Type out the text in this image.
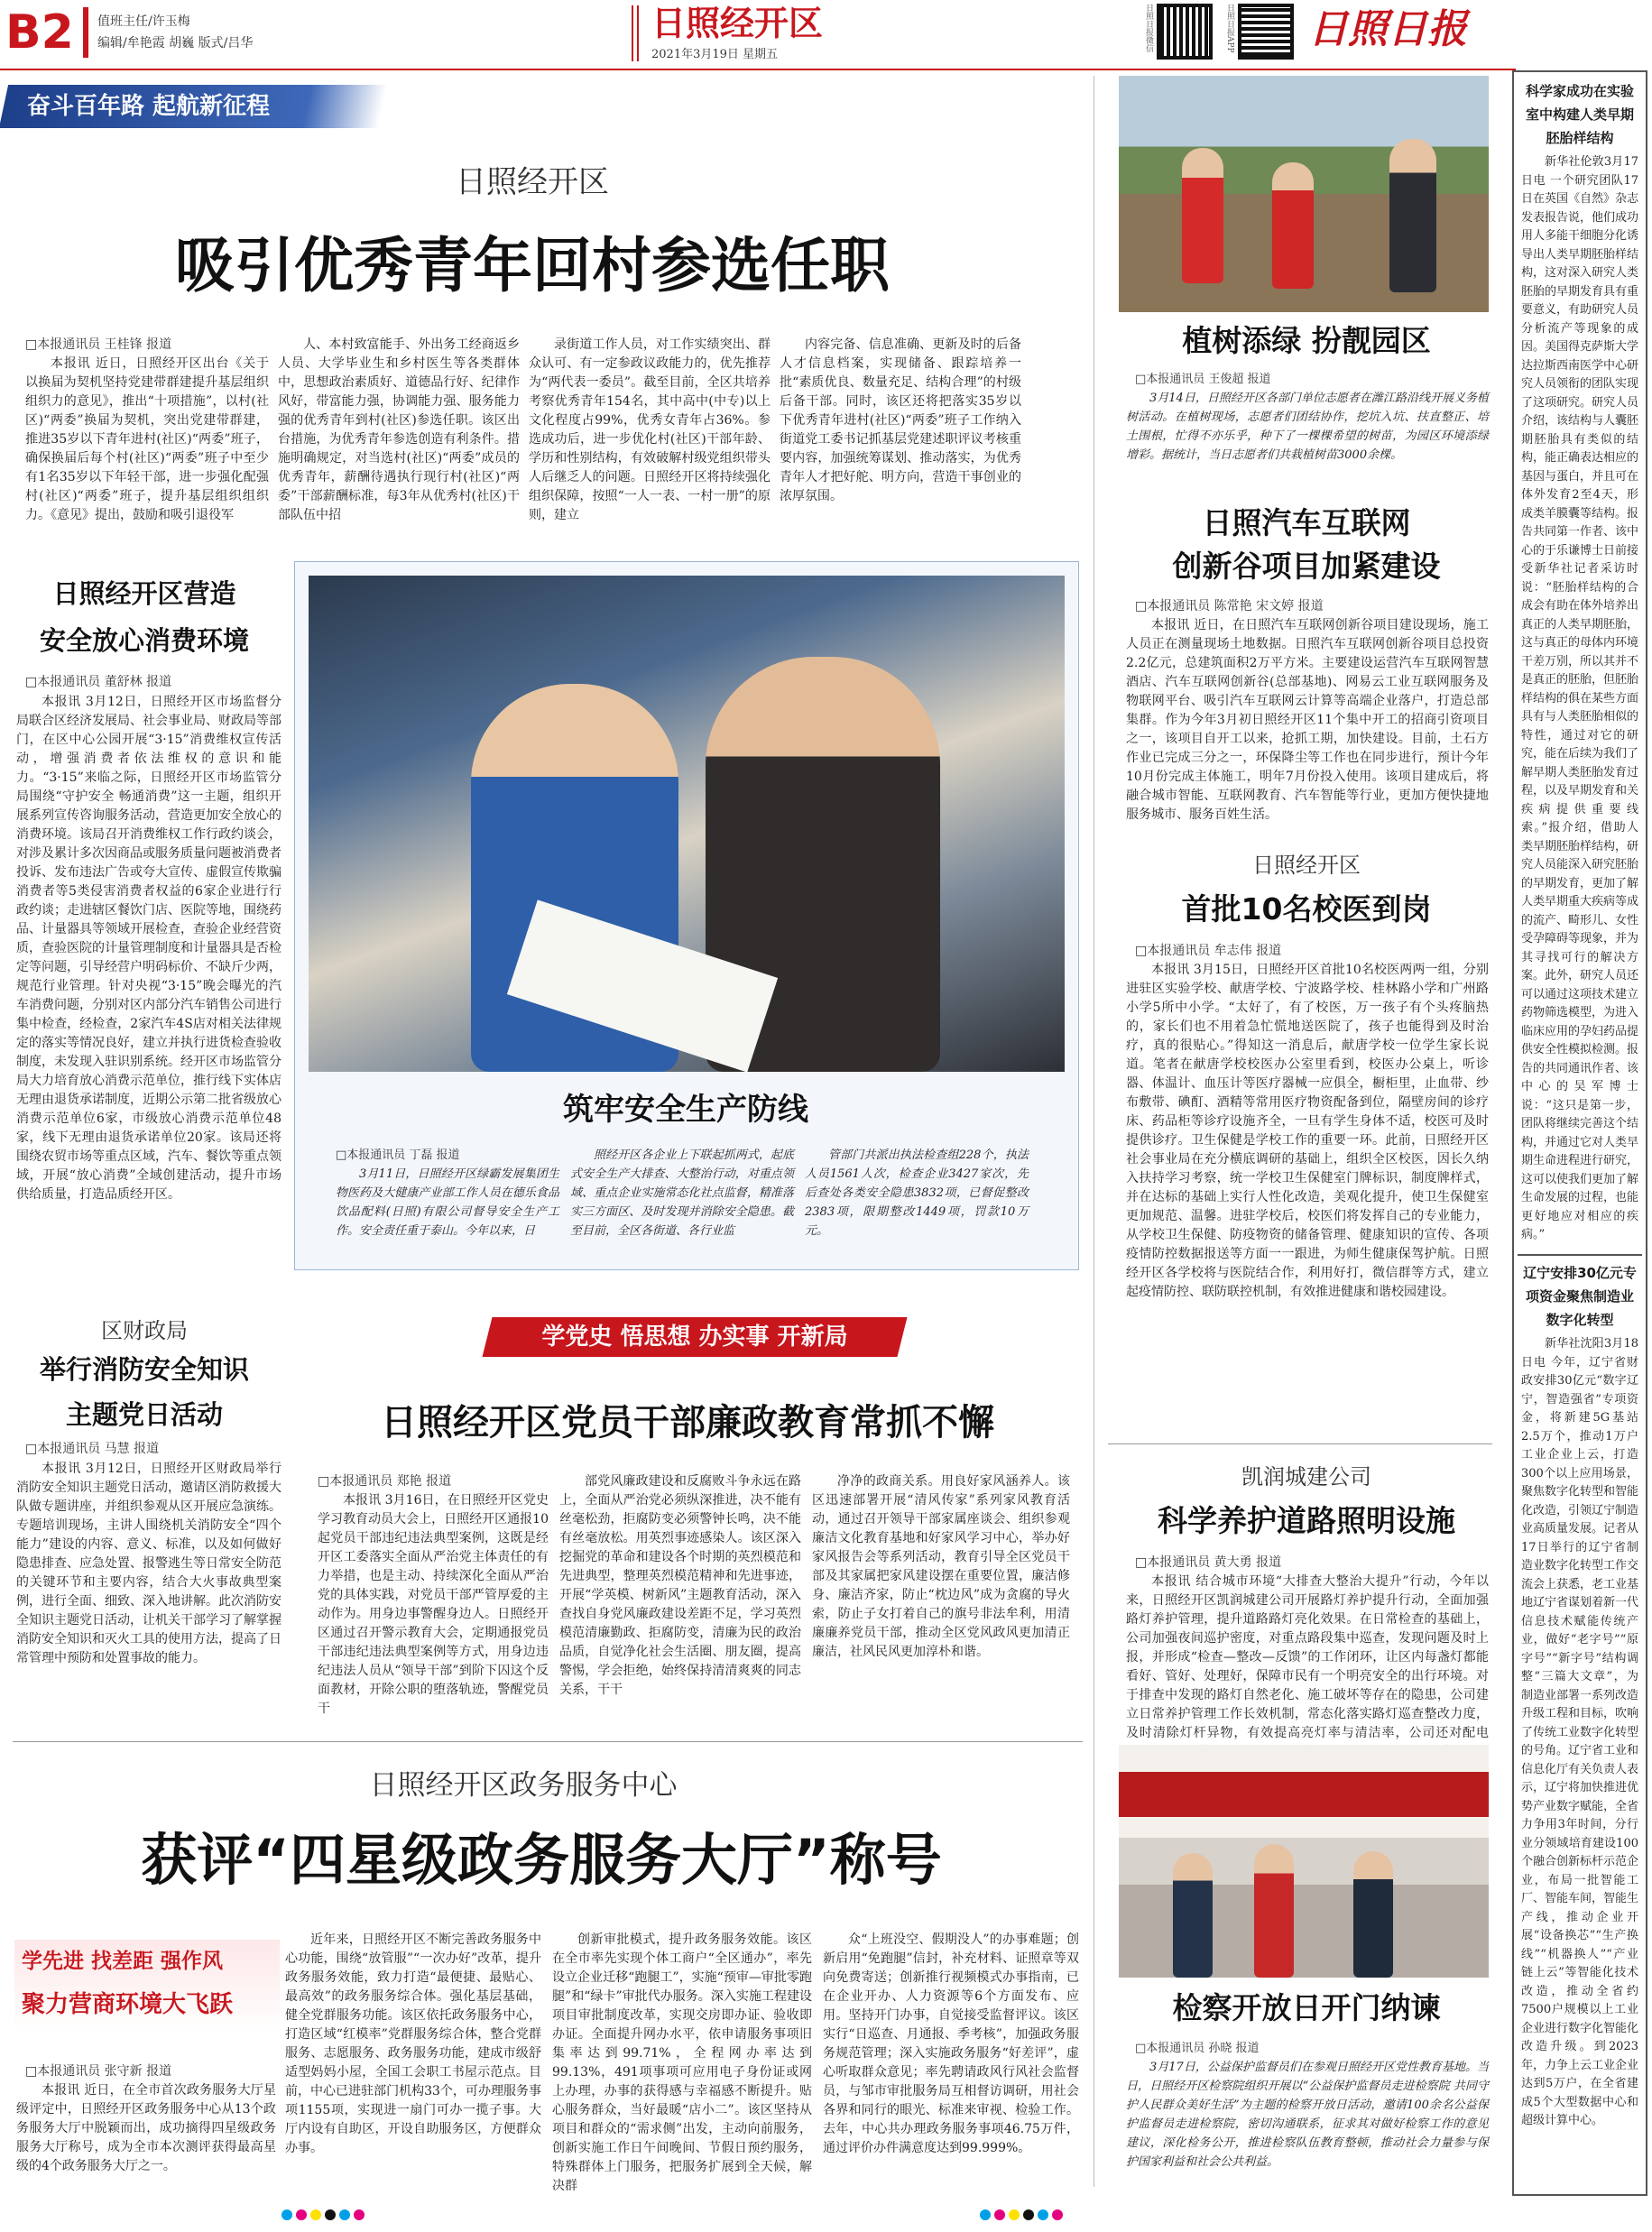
B2	值班主任/许玉梅
编辑/牟艳霞 胡巍 版式/吕华	日照经开区
2021年3月19日 星期五
日照日报微信	日照日报APP 日照日报
奋斗百年路 起航新征程
日照经开区
吸引优秀青年回村参选任职
□本报通讯员 王桂锋 报道
本报讯 近日，日照经开区出台《关于以换届为契机坚持党建带群建提升基层组织组织力的意见》，推出“十项措施”，以村(社区)“两委”换届为契机，突出党建带群建，推进35岁以下青年进村(社区)“两委”班子，确保换届后每个村(社区)“两委”班子中至少有1名35岁以下年轻干部，进一步强化配强村(社区)“两委”班子，提升基层组织组织力。《意见》提出，鼓励和吸引退役军
人、本村致富能手、外出务工经商返乡人员、大学毕业生和乡村医生等各类群体中，思想政治素质好、道德品行好、纪律作风好，带富能力强，协调能力强、服务能力强的优秀青年到村(社区)参选任职。该区出台措施，为优秀青年参选创造有利条件。措施明确规定，对当选村(社区)“两委”成员的优秀青年，薪酬待遇执行现行村(社区)“两委”干部薪酬标准，每3年从优秀村(社区)干部队伍中招
录街道工作人员，对工作实绩突出、群众认可、有一定参政议政能力的，优先推荐为“两代表一委员”。截至目前，全区共培养考察优秀青年154名，其中高中(中专)以上文化程度占99%，优秀女青年占36%。参选成功后，进一步优化村(社区)干部年龄、学历和性别结构，有效破解村级党组织带头人后继乏人的问题。日照经开区将持续强化组织保障，按照“一人一表、一村一册”的原则，建立
内容完备、信息准确、更新及时的后备人才信息档案，实现储备、跟踪培养一批“素质优良、数量充足、结构合理”的村级后备干部。同时，该区还将把落实35岁以下优秀青年进村(社区)“两委”班子工作纳入街道党工委书记抓基层党建述职评议考核重要内容，加强统筹谋划、推动落实，为优秀青年人才把好舵、明方向，营造干事创业的浓厚氛围。
日照经开区营造
安全放心消费环境
□本报通讯员 董舒林 报道
本报讯 3月12日，日照经开区市场监督分局联合区经济发展局、社会事业局、财政局等部门，在区中心公园开展“3·15”消费维权宣传活动，增强消费者依法维权的意识和能力。“3·15”来临之际，日照经开区市场监管分局围绕“守护安全 畅通消费”这一主题，组织开展系列宣传咨询服务活动，营造更加安全放心的消费环境。该局召开消费维权工作行政约谈会，对涉及累计多次因商品或服务质量问题被消费者投诉、发布违法广告或夸大宣传、虚假宣传欺骗消费者等5类侵害消费者权益的6家企业进行行政约谈；走进辖区餐饮门店、医院等地，围绕药品、计量器具等领域开展检查，查验企业经营资质，查验医院的计量管理制度和计量器具是否检定等问题，引导经营户明码标价、不缺斤少两，规范行业管理。针对央视“3·15”晚会曝光的汽车消费问题，分别对区内部分汽车销售公司进行集中检查，经检查，2家汽车4S店对相关法律规定的落实等情况良好，建立并执行进货检查验收制度，未发现入驻识别系统。经开区市场监管分局大力培育放心消费示范单位，推行线下实体店无理由退货承诺制度，近期公示第二批省级放心消费示范单位6家，市级放心消费示范单位48家，线下无理由退货承诺单位20家。该局还将围绕农贸市场等重点区域，汽车、餐饮等重点领域，开展“放心消费”全域创建活动，提升市场供给质量，打造品质经开区。
区财政局
举行消防安全知识
主题党日活动
□本报通讯员 马慧 报道
本报讯 3月12日，日照经开区财政局举行消防安全知识主题党日活动，邀请区消防救援大队做专题讲座，并组织参观从区开展应急演练。专题培训现场，主讲人围绕机关消防安全“四个能力”建设的内容、意义、标准，以及如何做好隐患排查、应急处置、报警逃生等日常安全防范的关键环节和主要内容，结合大火事故典型案例，进行全面、细致、深入地讲解。此次消防安全知识主题党日活动，让机关干部学习了解掌握消防安全知识和灭火工具的使用方法，提高了日常管理中预防和处置事故的能力。
筑牢安全生产防线
□本报通讯员 丁磊 报道
3月11日，日照经开区绿霸发展集团生物医药及大健康产业部工作人员在德乐食品饮品配料(日照)有限公司督导安全生产工作。安全责任重于泰山。今年以来，日
照经开区各企业上下联起抓两式，起底式安全生产大排查、大整治行动，对重点领域、重点企业实施常态化社点监督，精准落实三方面区、及时发现并消除安全隐患。截至目前，全区各街道、各行业监
管部门共派出执法检查组228个，执法人员1561人次，检查企业3427家次，先后查处各类安全隐患3832项，已督促整改2383项，限期整改1449项，罚款10万元。
学党史 悟思想 办实事 开新局
日照经开区党员干部廉政教育常抓不懈
□本报通讯员 郑艳 报道
本报讯 3月16日，在日照经开区党史学习教育动员大会上，日照经开区通报10起党员干部违纪违法典型案例，这既是经开区工委落实全面从严治党主体责任的有力举措，也是主动、持续深化全面从严治党的具体实践，对党员干部严管厚爱的主动作为。用身边事警醒身边人。日照经开区通过召开警示教育大会，定期通报党员干部违纪违法典型案例等方式，用身边违纪违法人员从“领导干部”到阶下囚这个反面教材，开除公职的堕落轨迹，警醒党员干
部党风廉政建设和反腐败斗争永远在路上，全面从严治党必须纵深推进，决不能有丝毫松劲，拒腐防变必须警钟长鸣，决不能有丝毫放松。用英烈事迹感染人。该区深入挖掘党的革命和建设各个时期的英烈模范和先进典型，整理英烈模范精神和先进事迹，开展“学英模、树新风”主题教育活动，深入查找自身党风廉政建设差距不足，学习英烈模范清廉勤政、拒腐防变，清廉为民的政治品质，自觉净化社会生活圈、朋友圈，提高警惕，学会拒绝，始终保持清清爽爽的同志关系，干干
净净的政商关系。用良好家风涵养人。该区迅速部署开展“清风传家”系列家风教育活动，通过召开领导干部家属座谈会、组织参观廉洁文化教育基地和好家风学习中心，举办好家风报告会等系列活动，教育引导全区党员干部及其家属把家风建设摆在重要位置，廉洁修身、廉洁齐家，防止“枕边风”成为贪腐的导火索，防止子女打着自己的旗号非法牟利，用清廉廉养党员干部，推动全区党风政风更加清正廉洁，社风民风更加淳朴和谐。
日照经开区政务服务中心
获评“四星级政务服务大厅”称号
学先进 找差距 强作风
聚力营商环境大飞跃
□本报通讯员 张守新 报道
本报讯 近日，在全市首次政务服务大厅星级评定中，日照经开区政务服务中心从13个政务服务大厅中脱颖而出，成功摘得四星级政务服务大厅称号，成为全市本次测评获得最高星级的4个政务服务大厅之一。
近年来，日照经开区不断完善政务服务中心功能，围绕“放管服”“一次办好”改革，提升政务服务效能，致力打造“最便捷、最贴心、最高效”的政务服务综合体。强化基层基础，健全党群服务功能。该区依托政务服务中心，打造区域“红模率”党群服务综合体，整合党群服务、志愿服务、政务服务功能，建成市级舒适型妈妈小屋，全国工会职工书屋示范点。目前，中心已进驻部门机构33个，可办理服务事项1155项，实现进一扇门可办一揽子事。大厅内设有自助区，开设自助服务区，方便群众办事。
创新审批模式，提升政务服务效能。该区在全市率先实现个体工商户“全区通办”，率先设立企业迁移“跑腿工”，实施“预审—审批零跑腿”和“绿卡”审批代办服务。深入实施工程建设项目审批制度改革，实现交房即办证、验收即办证。全面提升网办水平，依申请服务事项旧集率达到99.71%，全程网办率达到99.13%，491项事项可应用电子身份证或网上办理，办事的获得感与幸福感不断提升。贴心服务群众，当好最暖“店小二”。该区坚持从项目和群众的“需求侧”出发，主动向前服务，创新实施工作日午间晚间、节假日预约服务，特殊群体上门服务，把服务扩展到全天候，解决群
众“上班没空、假期没人”的办事难题；创新启用“免跑腿”信封，补充材料、证照章等双向免费寄送；创新推行视频模式办事指南，已在企业开办、人力资源等6个方面发布、应用。坚持开门办事，自觉接受监督评议。该区实行“日巡查、月通报、季考核”，加强政务服务规范管理；深入实施政务服务“好差评”，虚心听取群众意见；率先聘请政风行风社会监督员，与邹市审批服务局互相督访调研，用社会各界和同行的眼光、标准来审视、检验工作。去年，中心共办理政务服务事项46.75万件，通过评价办件满意度达到99.999%。
植树添绿 扮靓园区
□本报通讯员 王俊超 报道
3月14日，日照经开区各部门单位志愿者在潍江路沿线开展义务植树活动。在植树现场，志愿者们团结协作，挖坑入坑、扶直整正、培土围根，忙得不亦乐乎，种下了一棵棵希望的树苗，为园区环境添绿增彩。据统计，当日志愿者们共栽植树苗3000余棵。
日照汽车互联网
创新谷项目加紧建设
□本报通讯员 陈常艳 宋文婷 报道
本报讯 近日，在日照汽车互联网创新谷项目建设现场，施工人员正在测量现场土地数据。日照汽车互联网创新谷项目总投资2.2亿元，总建筑面积2万平方米。主要建设运营汽车互联网智慧酒店、汽车互联网创新谷(总部基地)、网易云工业互联网服务及物联网平台、吸引汽车互联网云计算等高端企业落户，打造总部集群。作为今年3月初日照经开区11个集中开工的招商引资项目之一，该项目自开工以来，抢抓工期，加快建设。目前，土石方作业已完成三分之一，环保降尘等工作也在同步进行，预计今年10月份完成主体施工，明年7月份投入使用。该项目建成后，将融合城市智能、互联网教育、汽车智能等行业，更加方便快捷地服务城市、服务百姓生活。
日照经开区
首批10名校医到岗
□本报通讯员 牟志伟 报道
本报讯 3月15日，日照经开区首批10名校医两两一组，分别进驻区实验学校、献唐学校、宁波路学校、桂林路小学和广州路小学5所中小学。“太好了，有了校医，万一孩子有个头疼脑热的，家长们也不用着急忙慌地送医院了，孩子也能得到及时治疗，真的很贴心。”得知这一消息后，献唐学校一位学生家长说道。笔者在献唐学校校医办公室里看到，校医办公桌上，听诊器、体温计、血压计等医疗器械一应俱全，橱柜里，止血带、纱布敷带、碘酊、酒精等常用医疗物资配备到位，隔壁房间的诊疗床、药品柜等诊疗设施齐全，一旦有学生身体不适，校医可及时提供诊疗。卫生保健是学校工作的重要一环。此前，日照经开区社会事业局在充分横底调研的基础上，组织全区校医，因长久纳入扶持学习考察，统一学校卫生保健室门牌标识，制度牌样式，并在达标的基础上实行人性化改造，美观化提升，使卫生保健室更加规范、温馨。进驻学校后，校医们将发挥自己的专业能力，从学校卫生保健、防疫物资的储备管理、健康知识的宣传、各项疫情防控数据报送等方面一一跟进，为师生健康保驾护航。日照经开区各学校将与医院结合作，利用好打，微信群等方式，建立起疫情防控、联防联控机制，有效推进健康和谐校园建设。
凯润城建公司
科学养护道路照明设施
□本报通讯员 黄大勇 报道
本报讯 结合城市环境“大排查大整治大提升”行动，今年以来，日照经开区凯润城建公司开展路灯养护提升行动，全面加强路灯养护管理，提升道路路灯亮化效果。在日常检查的基础上，公司加强夜间巡护密度，对重点路段集中巡查，发现问题及时上报，并形成“检查—整改—反馈”的工作闭环，让区内每盏灯都能看好、管好、处理好，保障市民有一个明亮安全的出行环境。对于排查中发现的路灯自然老化、施工破坏等存在的隐患，公司建立日常养护管理工作长效机制，常态化落实路灯巡查整改力度，及时清除灯杆异物，有效提高亮灯率与清洁率，公司还对配电
检察开放日开门纳谏
□本报通讯员 孙晓 报道
3月17日，公益保护监督员们在参观日照经开区党性教育基地。当日，日照经开区检察院组织开展以“公益保护监督员走进检察院 共同守护人民群众美好生活”为主题的检察开放日活动，邀请100余名公益保护监督员走进检察院，密切沟通联系，征求其对做好检察工作的意见建议，深化检务公开，推进检察队伍教育整顿，推动社会力量参与保护国家利益和社会公共利益。
科学家成功在实验室中构建人类早期胚胎样结构
新华社伦敦3月17日电 一个研究团队17日在英国《自然》杂志发表报告说，他们成功用人多能干细胞分化诱导出人类早期胚胎样结构，这对深入研究人类胚胎的早期发育具有重要意义，有助研究人员分析流产等现象的成因。美国得克萨斯大学达拉斯西南医学中心研究人员领衔的团队实现了这项研究。研究人员介绍，该结构与人囊胚期胚胎具有类似的结构，能正确表达相应的基因与蛋白，并且可在体外发育2至4天，形成类羊膜囊等结构。报告共同第一作者、该中心的于乐谦博士日前接受新华社记者采访时说：“胚胎样结构的合成会有助在体外培养出真正的人类早期胚胎，这与真正的母体内环境干差万别，所以其并不是真正的胚胎，但胚胎样结构的俱在某些方面具有与人类胚胎相似的特性，通过对它的研究，能在后续为我们了解早期人类胚胎发育过程，以及早期发育和关疾病提供重要线索。”报介绍，借助人类早期胚胎样结构，研究人员能深入研究胚胎的早期发育，更加了解人类早期重大疾病等成的流产、畸形儿、女性受孕障碍等现象，并为其寻找可行的解决方案。此外，研究人员还可以通过这项技术建立药物筛选模型，为进入临床应用的孕妇药品提供安全性模拟检测。报告的共同通讯作者、该中心的吴军博士说：“这只是第一步，团队将继续完善这个结构，并通过它对人类早期生命进程进行研究，这可以使我们更加了解生命发展的过程，也能更好地应对相应的疾病。”
辽宁安排30亿元专项资金聚焦制造业数字化转型
新华社沈阳3月18日电 今年，辽宁省财政安排30亿元“数字辽宁，智造强省”专项资金，将新建5G基站2.5万个，推动1万户工业企业上云，打造300个以上应用场景，聚焦数字化转型和智能化改造，引领辽宁制造业高质量发展。记者从17日举行的辽宁省制造业数字化转型工作交流会上获悉，老工业基地辽宁省谋划着新一代信息技术赋能传统产业，做好“老字号”“原字号”“新字号”结构调整“三篇大文章”，为制造业部署一系列改造升级工程和目标，吹响了传统工业数字化转型的号角。辽宁省工业和信息化厅有关负责人表示，辽宁将加快推进优势产业数字赋能，全省力争用3年时间，分行业分领域培育建设100个融合创新标杆示范企业，布局一批智能工厂、智能车间，智能生产线，推动企业开展“设备换芯”“生产换线”“机器换人”“产业链上云”等智能化技术改造，推动全省约7500户规模以上工业企业进行数字化智能化改造升级。到2023年，力争上云工业企业达到5万户，在全省建成5个大型数据中心和超级计算中心。
